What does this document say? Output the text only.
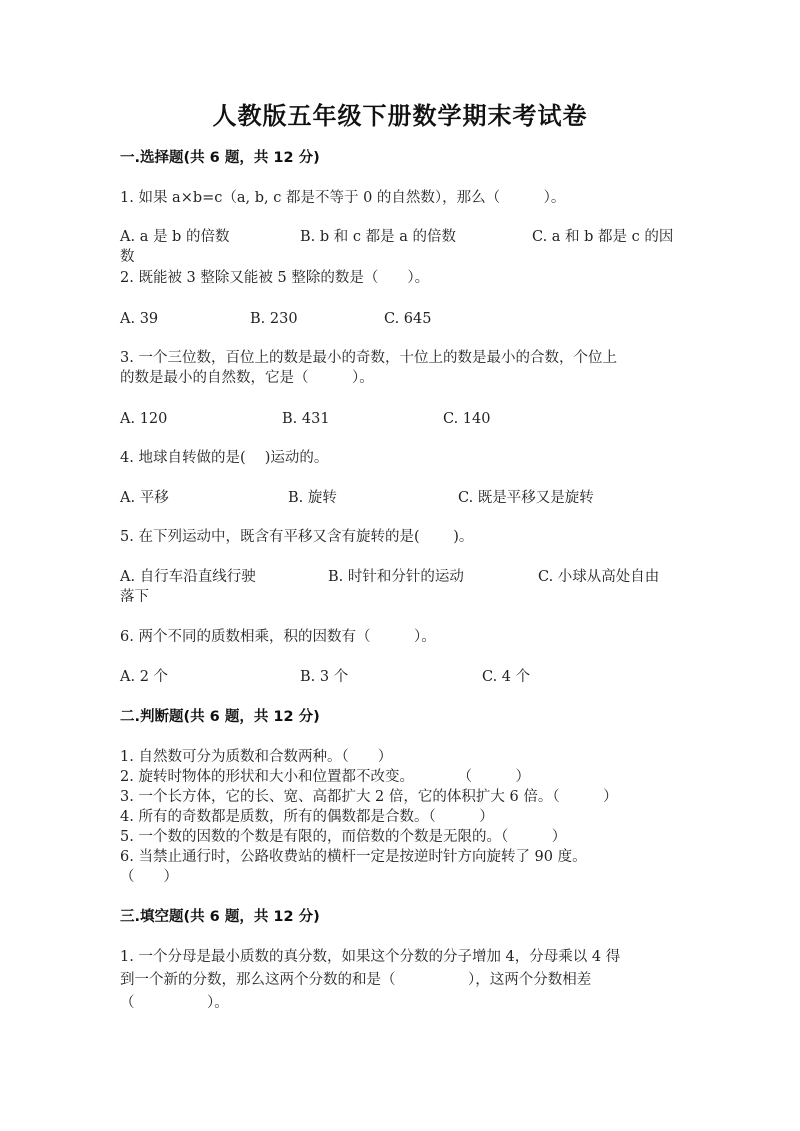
人教版五年级下册数学期末考试卷
一.选择题(共 6 题，共 12 分)
1. 如果 a×b=c（a, b, c 都是不等于 0 的自然数），那么（　　　）。
A. a 是 b 的倍数	B. b 和 c 都是 a 的倍数	C. a 和 b 都是 c 的因
数
2. 既能被 3 整除又能被 5 整除的数是（　　）。
A. 39	B. 230	C. 645
3. 一个三位数，百位上的数是最小的奇数，十位上的数是最小的合数，个位上
的数是最小的自然数，它是（　　　）。
A. 120	B. 431	C. 140
4. 地球自转做的是(　 )运动的。
A. 平移	B. 旋转	C. 既是平移又是旋转
5. 在下列运动中，既含有平移又含有旋转的是(　　 )。
A. 自行车沿直线行驶	B. 时针和分针的运动	C. 小球从高处自由
落下
6. 两个不同的质数相乘，积的因数有（　　　）。
A. 2 个	B. 3 个	C. 4 个
二.判断题(共 6 题，共 12 分)
1. 自然数可分为质数和合数两种。（　　）
2. 旋转时物体的形状和大小和位置都不改变。　　　　（　　　）
3. 一个长方体，它的长、宽、高都扩大 2 倍，它的体积扩大 6 倍。（　　　）
4. 所有的奇数都是质数，所有的偶数都是合数。（　　　）
5. 一个数的因数的个数是有限的，而倍数的个数是无限的。（　　　）
6. 当禁止通行时，公路收费站的横杆一定是按逆时针方向旋转了 90 度。
（　　）
三.填空题(共 6 题，共 12 分)
1. 一个分母是最小质数的真分数，如果这个分数的分子增加 4，分母乘以 4 得
到一个新的分数，那么这两个分数的和是（　　　　　），这两个分数相差
（　　　　　）。
